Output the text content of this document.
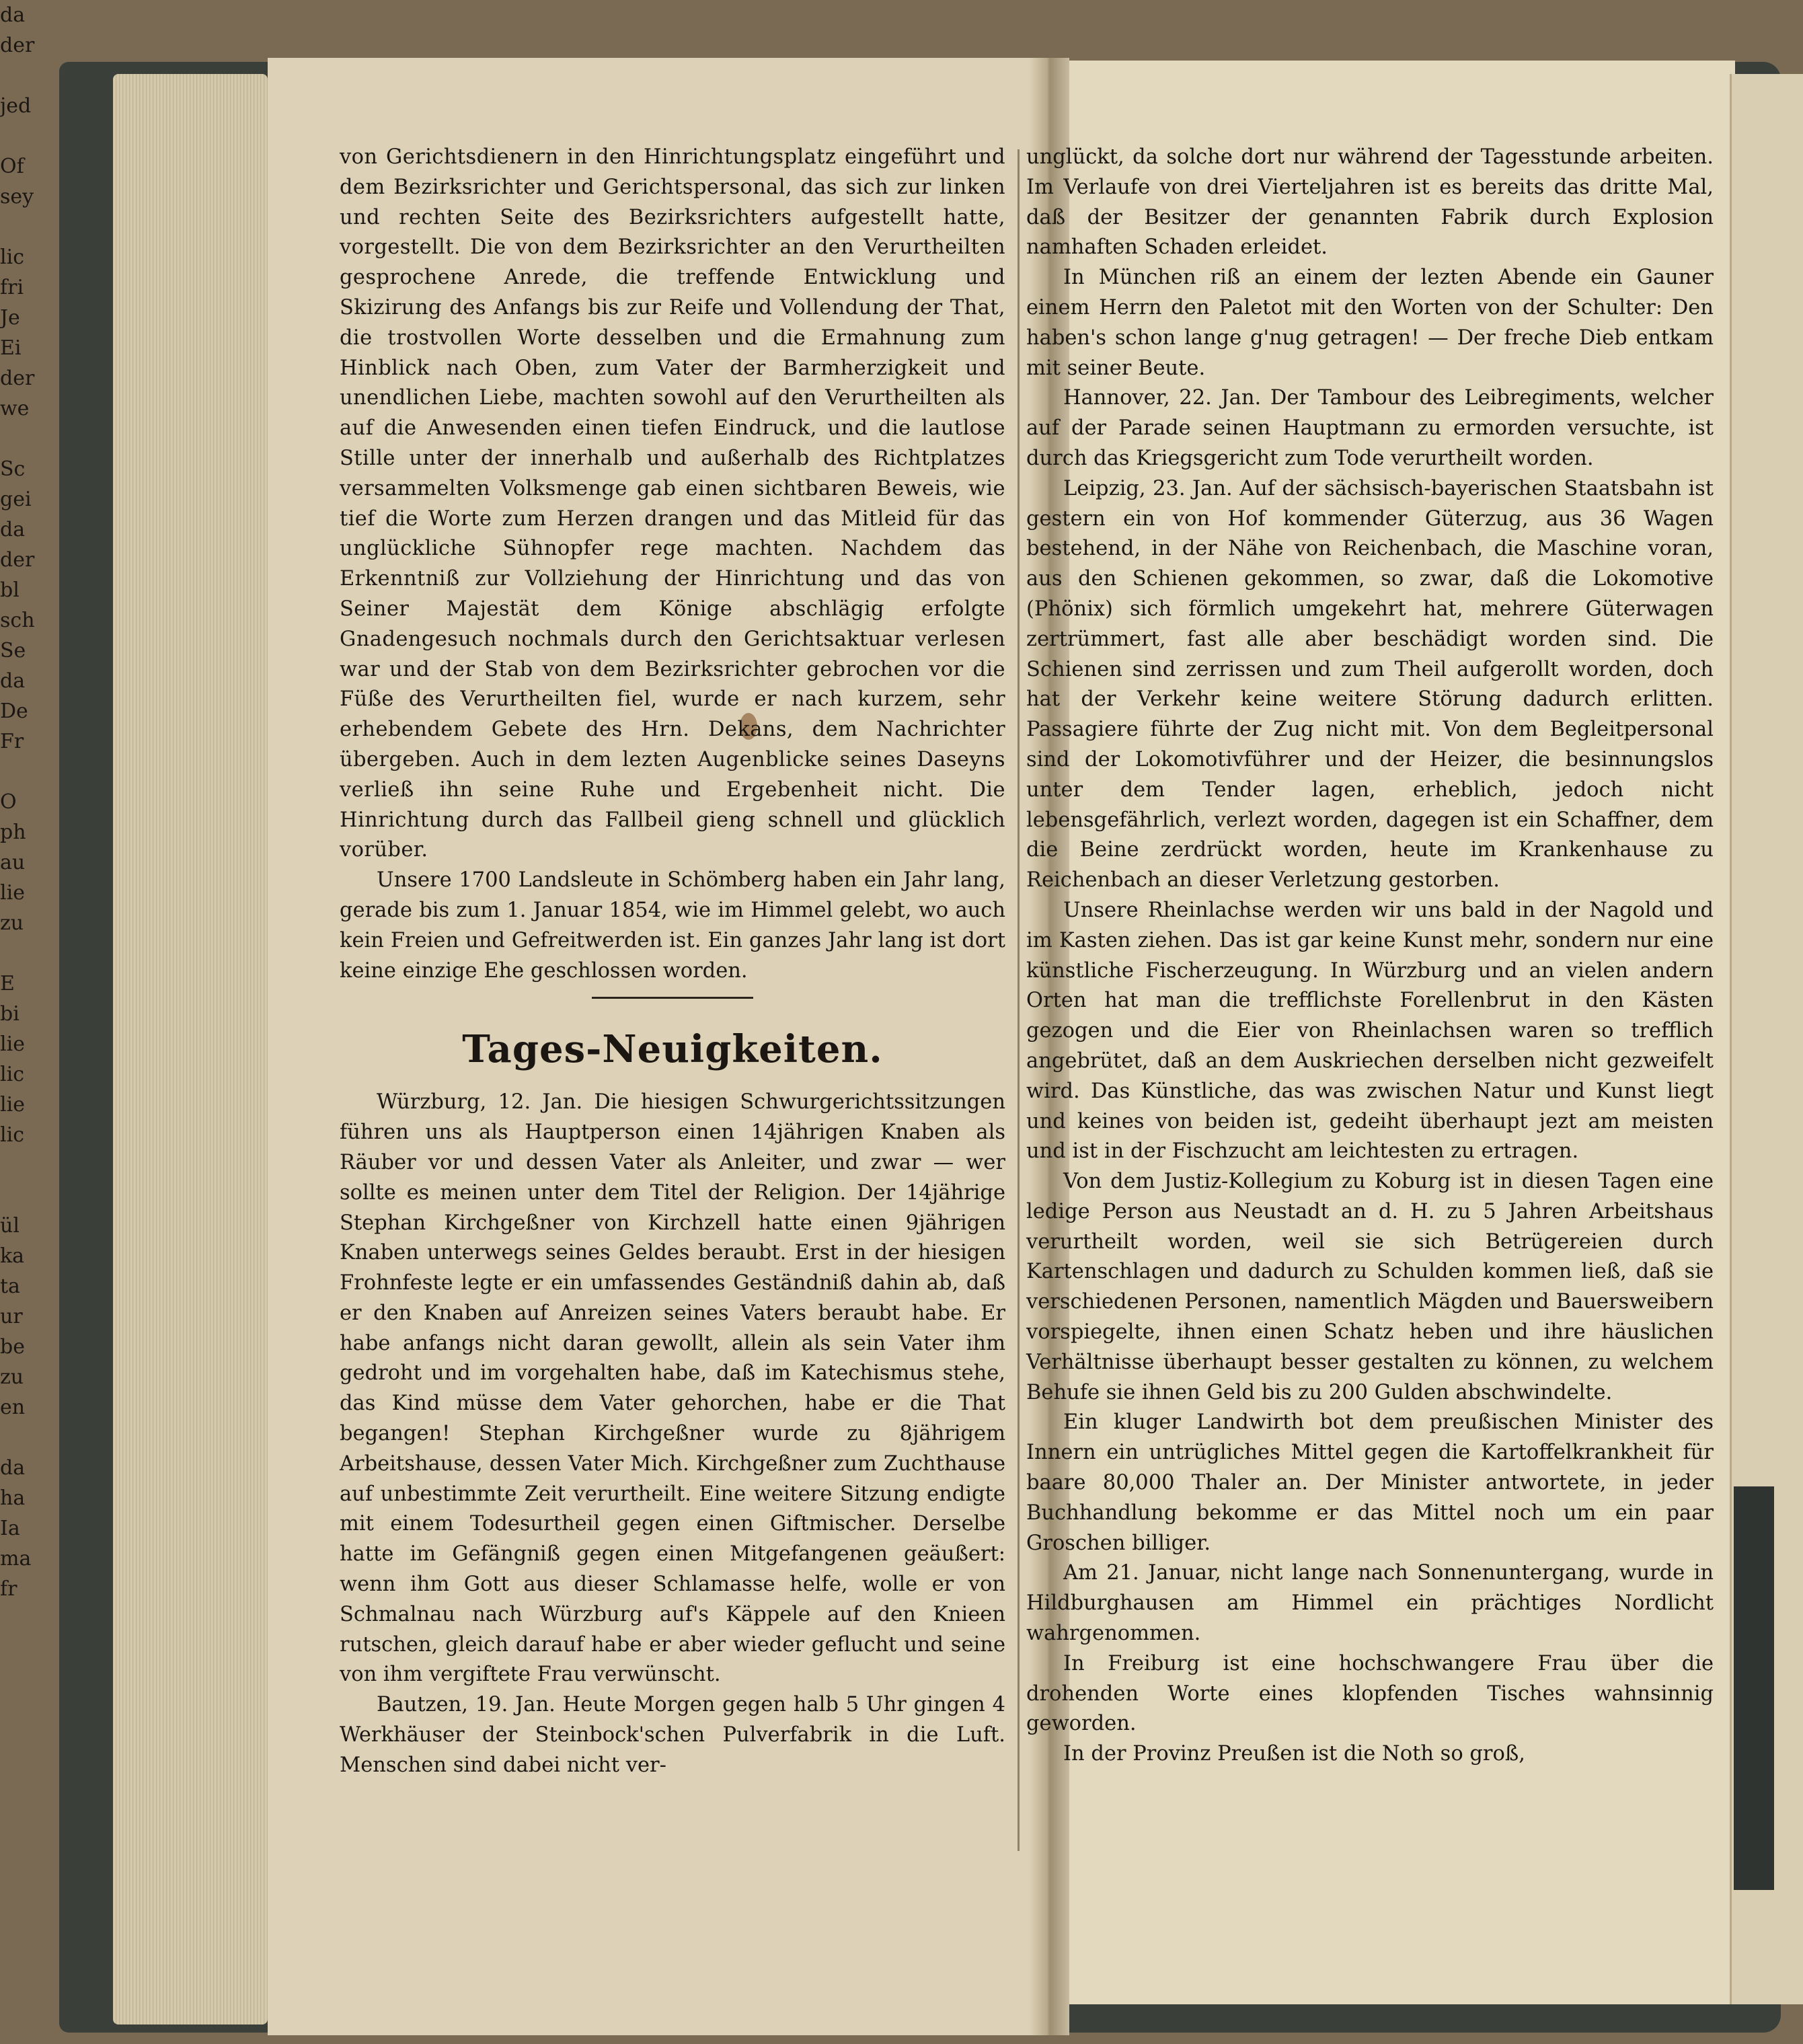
von Gerichtsdienern in den Hinrichtungsplatz eingeführt und dem Bezirksrichter und Gerichtspersonal, das sich zur linken und rechten Seite des Bezirksrichters aufgestellt hatte, vorgestellt. Die von dem Bezirksrichter an den Verurtheilten gesprochene Anrede, die treffende Entwicklung und Skizirung des Anfangs bis zur Reife und Vollendung der That, die trostvollen Worte desselben und die Ermahnung zum Hinblick nach Oben, zum Vater der Barmherzigkeit und unendlichen Liebe, machten sowohl auf den Verurtheilten als auf die Anwesenden einen tiefen Eindruck, und die lautlose Stille unter der innerhalb und außerhalb des Richtplatzes versammelten Volksmenge gab einen sichtbaren Beweis, wie tief die Worte zum Herzen drangen und das Mitleid für das unglückliche Sühnopfer rege machten. Nachdem das Erkenntniß zur Vollziehung der Hinrichtung und das von Seiner Majestät dem Könige abschlägig erfolgte Gnadengesuch nochmals durch den Gerichtsaktuar verlesen war und der Stab von dem Bezirksrichter gebrochen vor die Füße des Verurtheilten fiel, wurde er nach kurzem, sehr erhebendem Gebete des Hrn. Dekans, dem Nachrichter übergeben. Auch in dem lezten Augenblicke seines Daseyns verließ ihn seine Ruhe und Ergebenheit nicht. Die Hinrichtung durch das Fallbeil gieng schnell und glücklich vorüber.

Unsere 1700 Landsleute in Schömberg haben ein Jahr lang, gerade bis zum 1. Januar 1854, wie im Himmel gelebt, wo auch kein Freien und Gefreitwerden ist. Ein ganzes Jahr lang ist dort keine einzige Ehe geschlossen worden.

Tages-Neuigkeiten.

Würzburg, 12. Jan. Die hiesigen Schwurgerichtssitzungen führen uns als Hauptperson einen 14jährigen Knaben als Räuber vor und dessen Vater als Anleiter, und zwar — wer sollte es meinen unter dem Titel der Religion. Der 14jährige Stephan Kirchgeßner von Kirchzell hatte einen 9jährigen Knaben unterwegs seines Geldes beraubt. Erst in der hiesigen Frohnfeste legte er ein umfassendes Geständniß dahin ab, daß er den Knaben auf Anreizen seines Vaters beraubt habe. Er habe anfangs nicht daran gewollt, allein als sein Vater ihm gedroht und im vorgehalten habe, daß im Katechismus stehe, das Kind müsse dem Vater gehorchen, habe er die That begangen! Stephan Kirchgeßner wurde zu 8jährigem Arbeitshause, dessen Vater Mich. Kirchgeßner zum Zuchthause auf unbestimmte Zeit verurtheilt. Eine weitere Sitzung endigte mit einem Todesurtheil gegen einen Giftmischer. Derselbe hatte im Gefängniß gegen einen Mitgefangenen geäußert: wenn ihm Gott aus dieser Schlamasse helfe, wolle er von Schmalnau nach Würzburg auf's Käppele auf den Knieen rutschen, gleich darauf habe er aber wieder geflucht und seine von ihm vergiftete Frau verwünscht.

Bautzen, 19. Jan. Heute Morgen gegen halb 5 Uhr gingen 4 Werkhäuser der Steinbock'schen Pulverfabrik in die Luft. Menschen sind dabei nicht ver-

unglückt, da solche dort nur während der Tagesstunde arbeiten. Im Verlaufe von drei Vierteljahren ist es bereits das dritte Mal, daß der Besitzer der genannten Fabrik durch Explosion namhaften Schaden erleidet.

In München riß an einem der lezten Abende ein Gauner einem Herrn den Paletot mit den Worten von der Schulter: Den haben's schon lange g'nug getragen! — Der freche Dieb entkam mit seiner Beute.

Hannover, 22. Jan. Der Tambour des Leibregiments, welcher auf der Parade seinen Hauptmann zu ermorden versuchte, ist durch das Kriegsgericht zum Tode verurtheilt worden.

Leipzig, 23. Jan. Auf der sächsisch-bayerischen Staatsbahn ist gestern ein von Hof kommender Güterzug, aus 36 Wagen bestehend, in der Nähe von Reichenbach, die Maschine voran, aus den Schienen gekommen, so zwar, daß die Lokomotive (Phönix) sich förmlich umgekehrt hat, mehrere Güterwagen zertrümmert, fast alle aber beschädigt worden sind. Die Schienen sind zerrissen und zum Theil aufgerollt worden, doch hat der Verkehr keine weitere Störung dadurch erlitten. Passagiere führte der Zug nicht mit. Von dem Begleitpersonal sind der Lokomotivführer und der Heizer, die besinnungslos unter dem Tender lagen, erheblich, jedoch nicht lebensgefährlich, verlezt worden, dagegen ist ein Schaffner, dem die Beine zerdrückt worden, heute im Krankenhause zu Reichenbach an dieser Verletzung gestorben.

Unsere Rheinlachse werden wir uns bald in der Nagold und im Kasten ziehen. Das ist gar keine Kunst mehr, sondern nur eine künstliche Fischerzeugung. In Würzburg und an vielen andern Orten hat man die trefflichste Forellenbrut in den Kästen gezogen und die Eier von Rheinlachsen waren so trefflich angebrütet, daß an dem Auskriechen derselben nicht gezweifelt wird. Das Künstliche, das was zwischen Natur und Kunst liegt und keines von beiden ist, gedeiht überhaupt jezt am meisten und ist in der Fischzucht am leichtesten zu ertragen.

Von dem Justiz-Kollegium zu Koburg ist in diesen Tagen eine ledige Person aus Neustadt an d. H. zu 5 Jahren Arbeitshaus verurtheilt worden, weil sie sich Betrügereien durch Kartenschlagen und dadurch zu Schulden kommen ließ, daß sie verschiedenen Personen, namentlich Mägden und Bauersweibern vorspiegelte, ihnen einen Schatz heben und ihre häuslichen Verhältnisse überhaupt besser gestalten zu können, zu welchem Behufe sie ihnen Geld bis zu 200 Gulden abschwindelte.

Ein kluger Landwirth bot dem preußischen Minister des Innern ein untrügliches Mittel gegen die Kartoffelkrankheit für baare 80,000 Thaler an. Der Minister antwortete, in jeder Buchhandlung bekomme er das Mittel noch um ein paar Groschen billiger.

Am 21. Januar, nicht lange nach Sonnenuntergang, wurde in Hildburghausen am Himmel ein prächtiges Nordlicht wahrgenommen.

In Freiburg ist eine hochschwangere Frau über die drohenden Worte eines klopfenden Tisches wahnsinnig geworden.

In der Provinz Preußen ist die Noth so groß,

da
der

jed

Of
sey

lic
fri
Je
Ei
der
we

Sc
gei
da
der
bl
sch
Se
da
De
Fr

O
ph
au
lie
zu

E
bi
lie
lic
lie
lic

ül
ka
ta
ur
be
zu
en

da
ha
Ia
ma
fr
